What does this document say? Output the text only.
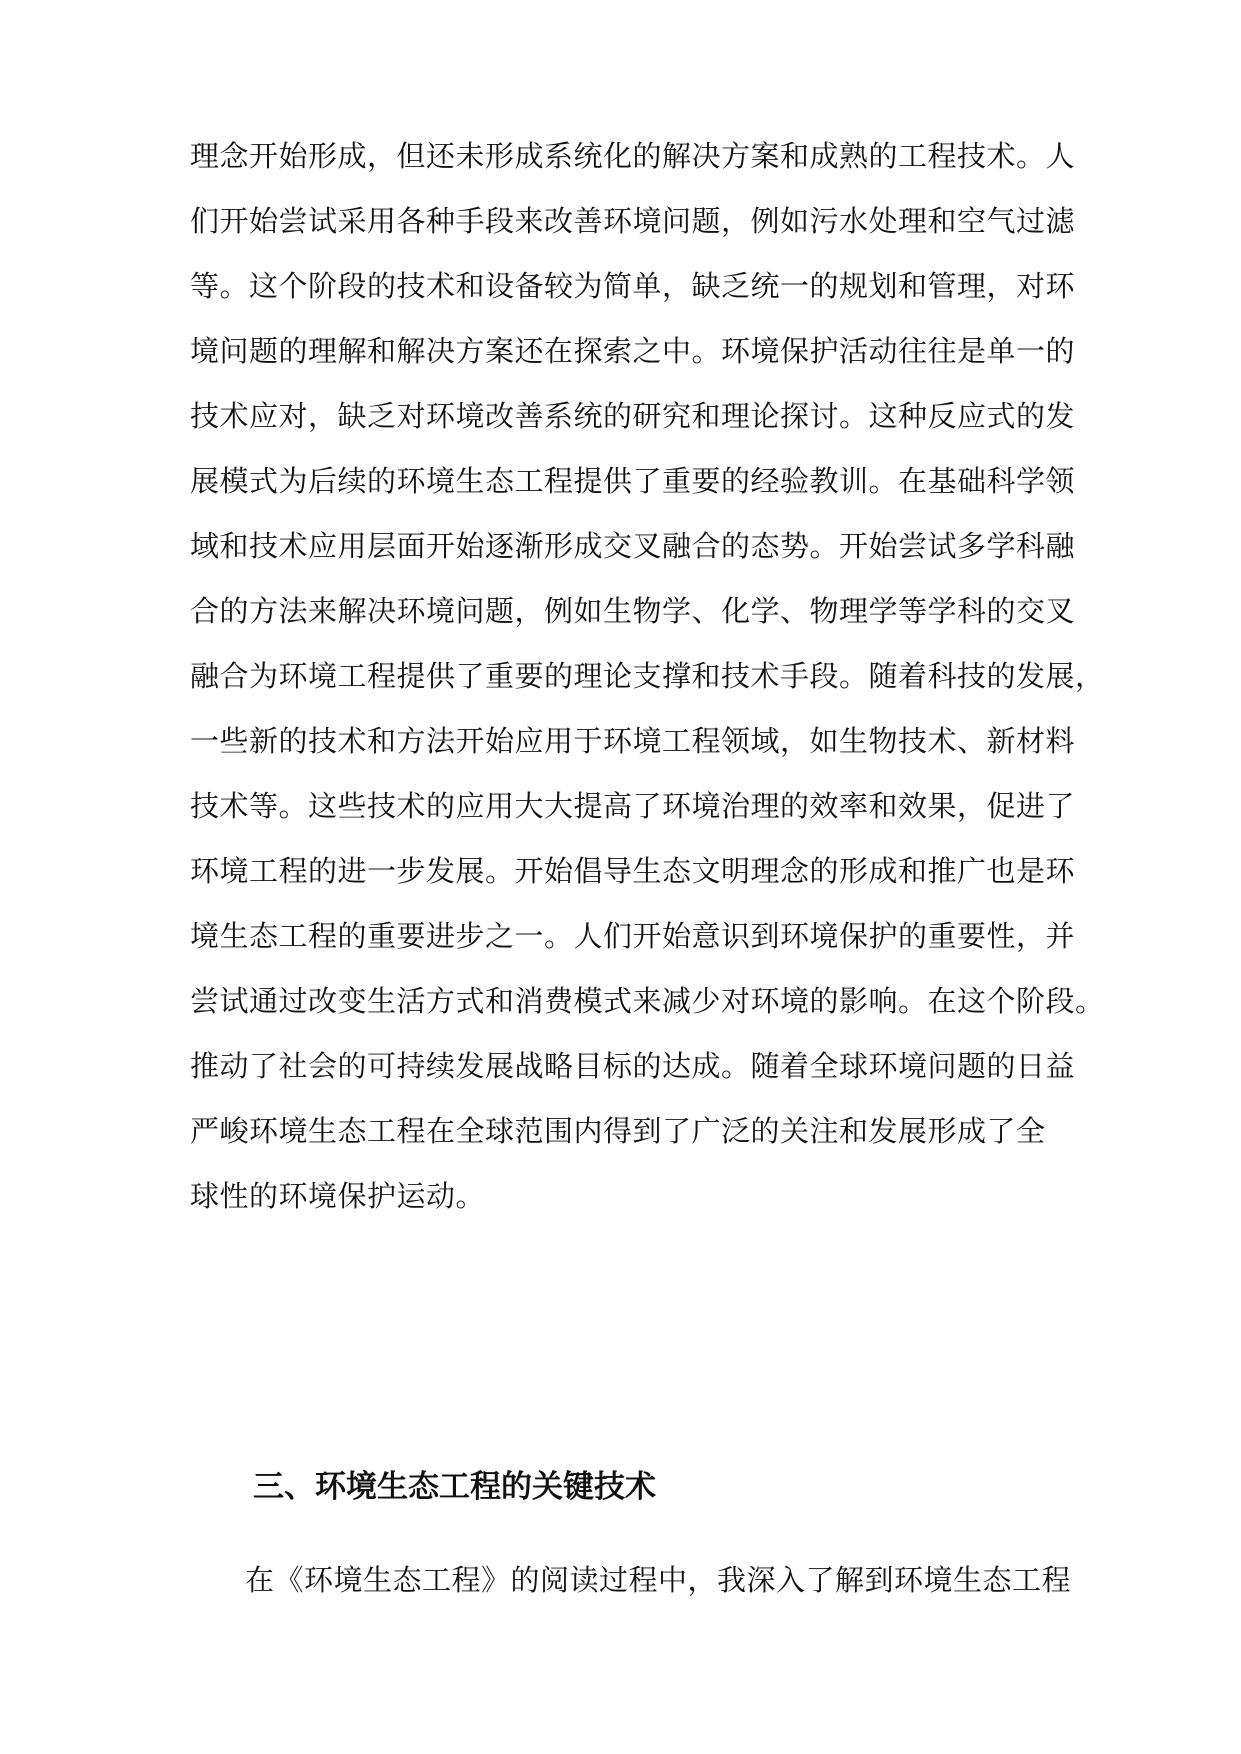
理念开始形成，但还未形成系统化的解决方案和成熟的工程技术。人
们开始尝试采用各种手段来改善环境问题，例如污水处理和空气过滤
等。这个阶段的技术和设备较为简单，缺乏统一的规划和管理，对环
境问题的理解和解决方案还在探索之中。环境保护活动往往是单一的
技术应对，缺乏对环境改善系统的研究和理论探讨。这种反应式的发
展模式为后续的环境生态工程提供了重要的经验教训。在基础科学领
域和技术应用层面开始逐渐形成交叉融合的态势。开始尝试多学科融
合的方法来解决环境问题，例如生物学、化学、物理学等学科的交叉
融合为环境工程提供了重要的理论支撑和技术手段。随着科技的发展，
一些新的技术和方法开始应用于环境工程领域，如生物技术、新材料
技术等。这些技术的应用大大提高了环境治理的效率和效果，促进了
环境工程的进一步发展。开始倡导生态文明理念的形成和推广也是环
境生态工程的重要进步之一。人们开始意识到环境保护的重要性，并
尝试通过改变生活方式和消费模式来减少对环境的影响。在这个阶段。
推动了社会的可持续发展战略目标的达成。随着全球环境问题的日益
严峻环境生态工程在全球范围内得到了广泛的关注和发展形成了全
球性的环境保护运动。
三、环境生态工程的关键技术
在《环境生态工程》的阅读过程中，我深入了解到环境生态工程
